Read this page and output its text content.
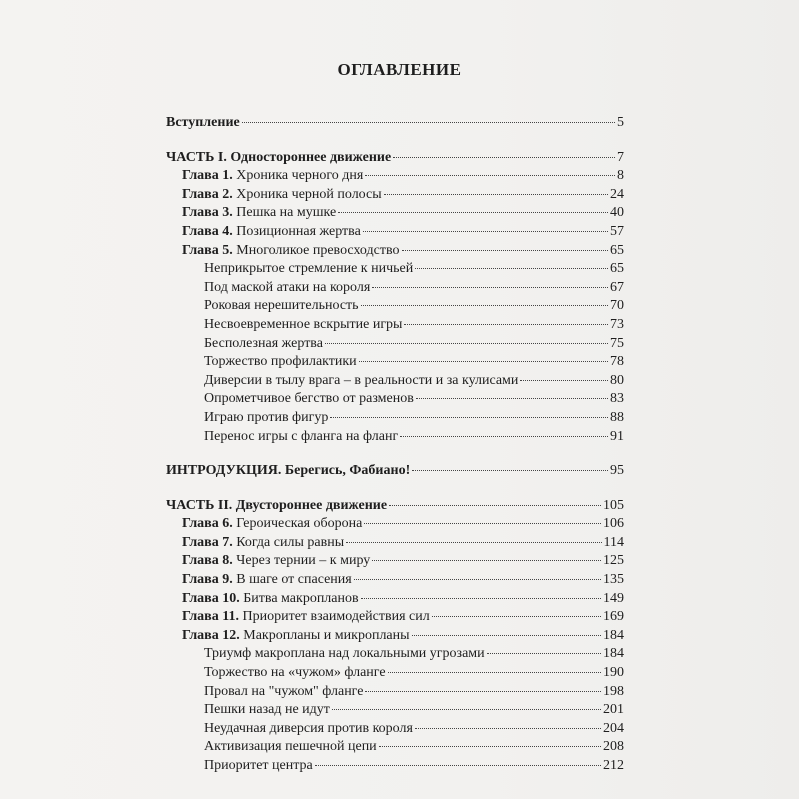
ОГЛАВЛЕНИЕ
Вступление	5
ЧАСТЬ I. Одностороннее движение	7
Глава 1. Хроника черного дня	8
Глава 2. Хроника черной полосы	24
Глава 3. Пешка на мушке	40
Глава 4. Позиционная жертва	57
Глава 5. Многоликое превосходство	65
Неприкрытое стремление к ничьей	65
Под маской атаки на короля	67
Роковая нерешительность	70
Несвоевременное вскрытие игры	73
Бесполезная жертва	75
Торжество профилактики	78
Диверсии в тылу врага – в реальности и за кулисами	80
Опрометчивое бегство от разменов	83
Играю против фигур	88
Перенос игры с фланга на фланг	91
ИНТРОДУКЦИЯ. Берегись, Фабиано!	95
ЧАСТЬ II. Двустороннее движение	105
Глава 6. Героическая оборона	106
Глава 7. Когда силы равны	114
Глава 8. Через тернии – к миру	125
Глава 9. В шаге от спасения	135
Глава 10. Битва макропланов	149
Глава 11. Приоритет взаимодействия сил	169
Глава 12. Макропланы и микропланы	184
Триумф макроплана над локальными угрозами	184
Торжество на «чужом» фланге	190
Провал на "чужом" фланге	198
Пешки назад не идут	201
Неудачная диверсия против короля	204
Активизация пешечной цепи	208
Приоритет центра	212
